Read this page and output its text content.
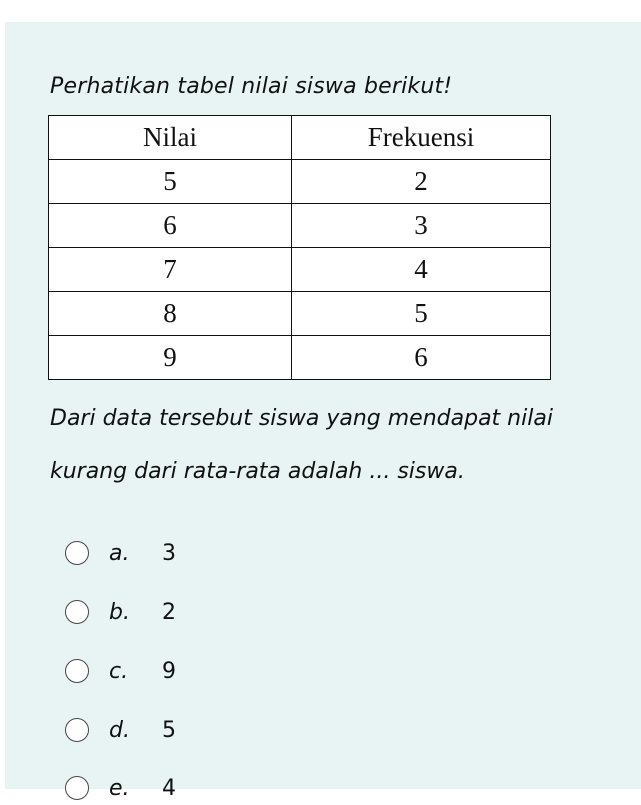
Perhatikan tabel nilai siswa berikut!
Nilai	Frekuensi
5	2
6	3
7	4
8	5
9	6
Dari data tersebut siswa yang mendapat nilai
kurang dari rata-rata adalah ... siswa.
a. 3
b. 2
c. 9
d. 5
e. 4
